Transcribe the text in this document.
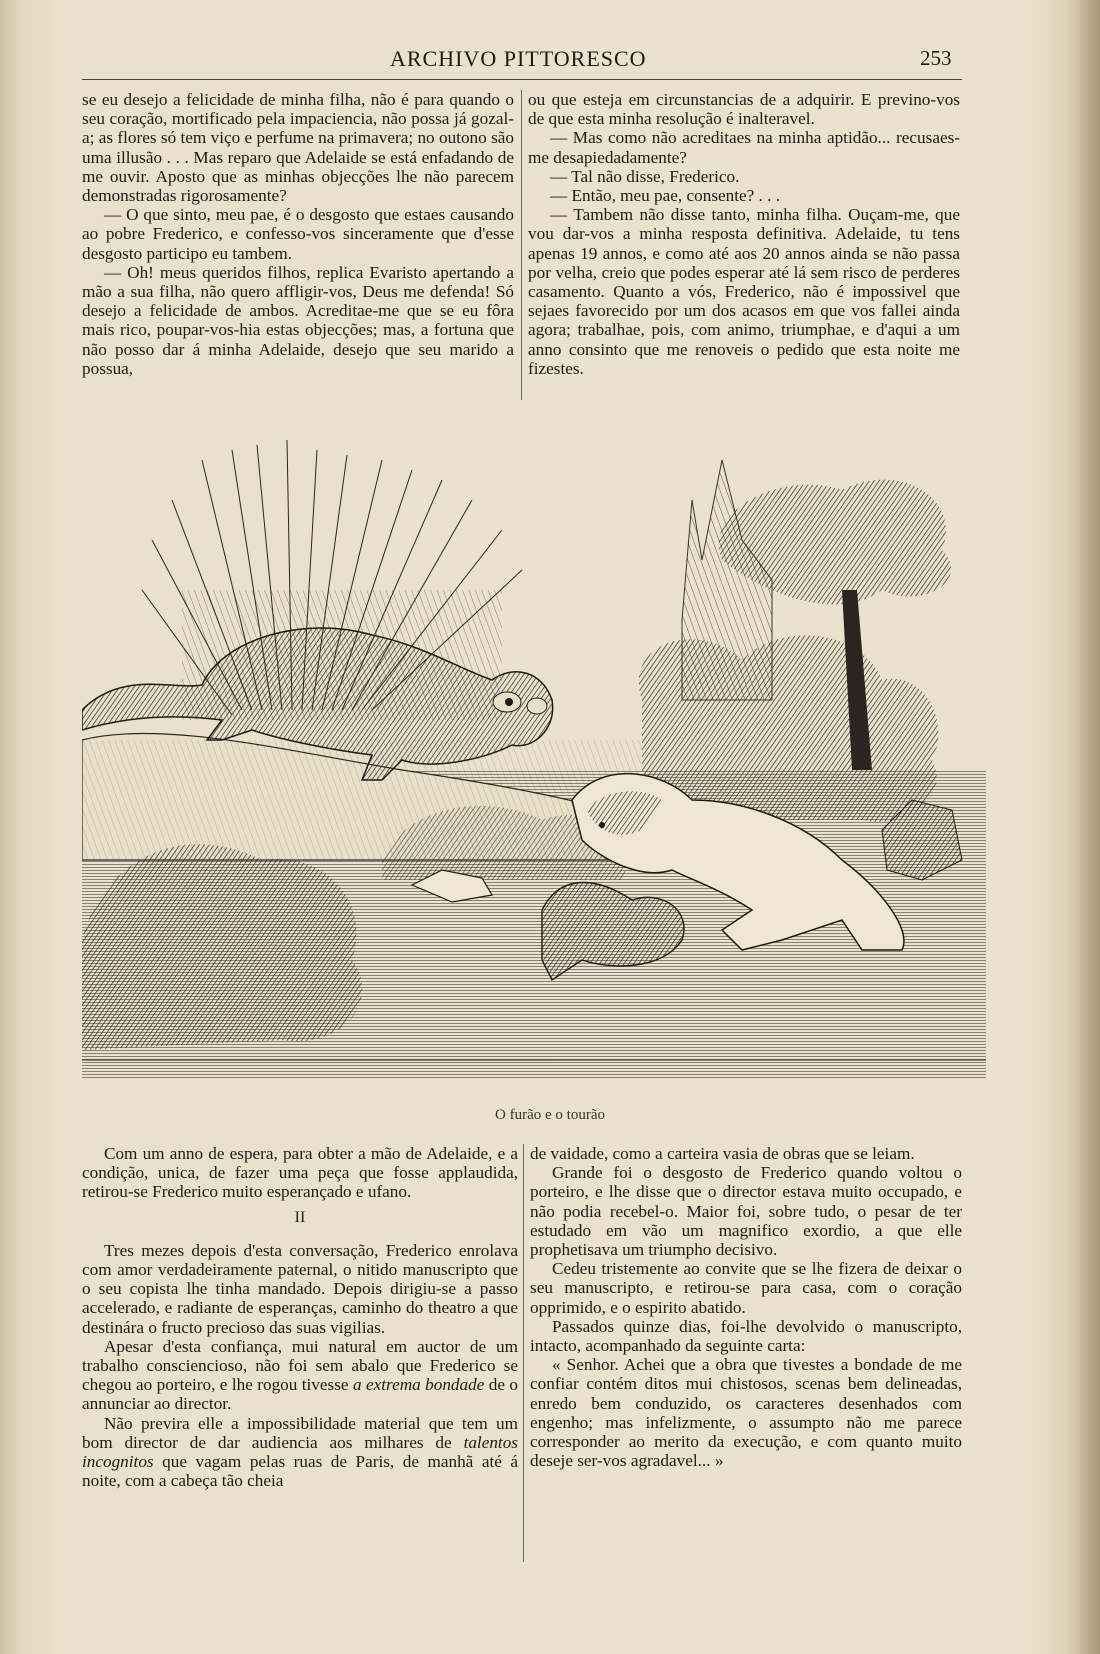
ARCHIVO PITTORESCO	253

se eu desejo a felicidade de minha filha, não é para quando o seu coração, mortificado pela impaciencia, não possa já gozal-a; as flores só tem viço e perfume na primavera; no outono são uma illusão . . . Mas reparo que Adelaide se está enfadando de me ouvir. Aposto que as minhas objecções lhe não parecem demonstradas rigorosamente?

— O que sinto, meu pae, é o desgosto que estaes causando ao pobre Frederico, e confesso-vos sinceramente que d'esse desgosto participo eu tambem.

— Oh! meus queridos filhos, replica Evaristo apertando a mão a sua filha, não quero affligir-vos, Deus me defenda! Só desejo a felicidade de ambos. Acreditae-me que se eu fôra mais rico, poupar-vos-hia estas objecções; mas, a fortuna que não posso dar á minha Adelaide, desejo que seu marido a possua,

ou que esteja em circunstancias de a adquirir. E previno-vos de que esta minha resolução é inalteravel.

— Mas como não acreditaes na minha aptidão... recusaes-me desapiedadamente?

— Tal não disse, Frederico.

— Então, meu pae, consente? . . .

— Tambem não disse tanto, minha filha. Ouçam-me, que vou dar-vos a minha resposta definitiva. Adelaide, tu tens apenas 19 annos, e como até aos 20 annos ainda se não passa por velha, creio que podes esperar até lá sem risco de perderes casamento. Quanto a vós, Frederico, não é impossivel que sejaes favorecido por um dos acasos em que vos fallei ainda agora; trabalhae, pois, com animo, triumphae, e d'aqui a um anno consinto que me renoveis o pedido que esta noite me fizestes.

O furão e o tourão

Com um anno de espera, para obter a mão de Adelaide, e a condição, unica, de fazer uma peça que fosse applaudida, retirou-se Frederico muito esperançado e ufano.

II

Tres mezes depois d'esta conversação, Frederico enrolava com amor verdadeiramente paternal, o nitido manuscripto que o seu copista lhe tinha mandado. Depois dirigiu-se a passo accelerado, e radiante de esperanças, caminho do theatro a que destinára o fructo precioso das suas vigilias.

Apesar d'esta confiança, mui natural em auctor de um trabalho consciencioso, não foi sem abalo que Frederico se chegou ao porteiro, e lhe rogou tivesse a extrema bondade de o annunciar ao director.

Não previra elle a impossibilidade material que tem um bom director de dar audiencia aos milhares de talentos incognitos que vagam pelas ruas de Paris, de manhã até á noite, com a cabeça tão cheia

de vaidade, como a carteira vasia de obras que se leiam.

Grande foi o desgosto de Frederico quando voltou o porteiro, e lhe disse que o director estava muito occupado, e não podia recebel-o. Maior foi, sobre tudo, o pesar de ter estudado em vão um magnifico exordio, a que elle prophetisava um triumpho decisivo.

Cedeu tristemente ao convite que se lhe fizera de deixar o seu manuscripto, e retirou-se para casa, com o coração opprimido, e o espirito abatido.

Passados quinze dias, foi-lhe devolvido o manuscripto, intacto, acompanhado da seguinte carta:

« Senhor. Achei que a obra que tivestes a bondade de me confiar contém ditos mui chistosos, scenas bem delineadas, enredo bem conduzido, os caracteres desenhados com engenho; mas infelizmente, o assumpto não me parece corresponder ao merito da execução, e com quanto muito deseje ser-vos agradavel... »
